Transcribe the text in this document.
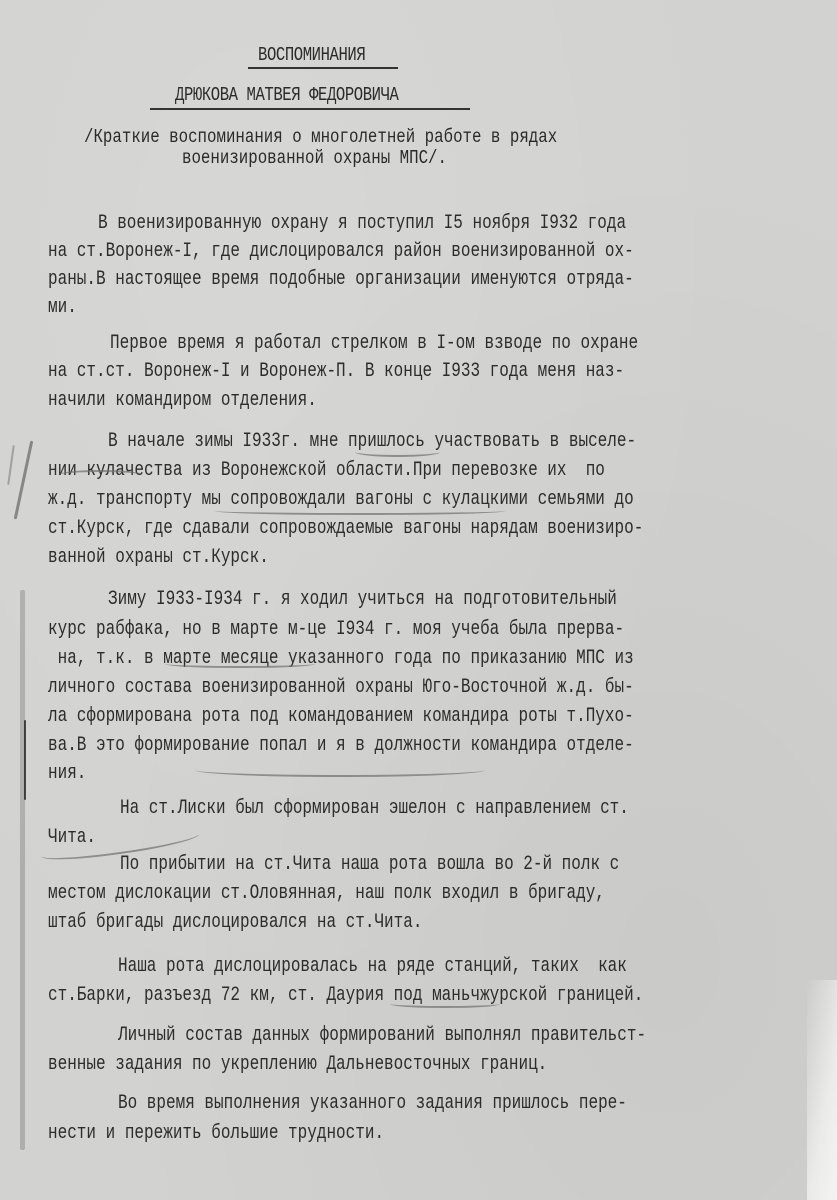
ВОСПОМИНАНИЯ
ДРЮКОВА МАТВЕЯ ФЕДОРОВИЧА
/Краткие воспоминания о многолетней работе в рядах
военизированной охраны МПС/.
В военизированную охрану я поступил I5 ноября I932 года
на ст.Воронеж-I, где дислоцировался район военизированной ох-
раны.В настоящее время подобные организации именуются отряда-
ми.
Первое время я работал стрелком в I-ом взводе по охране
на ст.ст. Воронеж-I и Воронеж-П. В конце I933 года меня наз-
начили командиром отделения.
В начале зимы I933г. мне пришлось участвовать в выселе-
нии кулачества из Воронежской области.При перевозке их  по
ж.д. транспорту мы сопровождали вагоны с кулацкими семьями до
ст.Курск, где сдавали сопровождаемые вагоны нарядам военизиро-
ванной охраны ст.Курск.
Зиму I933-I934 г. я ходил учиться на подготовительный
курс рабфака, но в марте м-це I934 г. моя учеба была прерва-
на, т.к. в марте месяце указанного года по приказанию МПС из
личного состава военизированной охраны Юго-Восточной ж.д. бы-
ла сформирована рота под командованием командира роты т.Пухо-
ва.В это формирование попал и я в должности командира отделе-
ния.
На ст.Лиски был сформирован эшелон с направлением ст.
Чита.
По прибытии на ст.Чита наша рота вошла во 2-й полк с
местом дислокации ст.Оловянная, наш полк входил в бригаду,
штаб бригады дислоцировался на ст.Чита.
Наша рота дислоцировалась на ряде станций, таких  как
ст.Барки, разъезд 72 км, ст. Даурия под маньчжурской границей.
Личный состав данных формирований выполнял правительст-
венные задания по укреплению Дальневосточных границ.
Во время выполнения указанного задания пришлось пере-
нести и пережить большие трудности.
